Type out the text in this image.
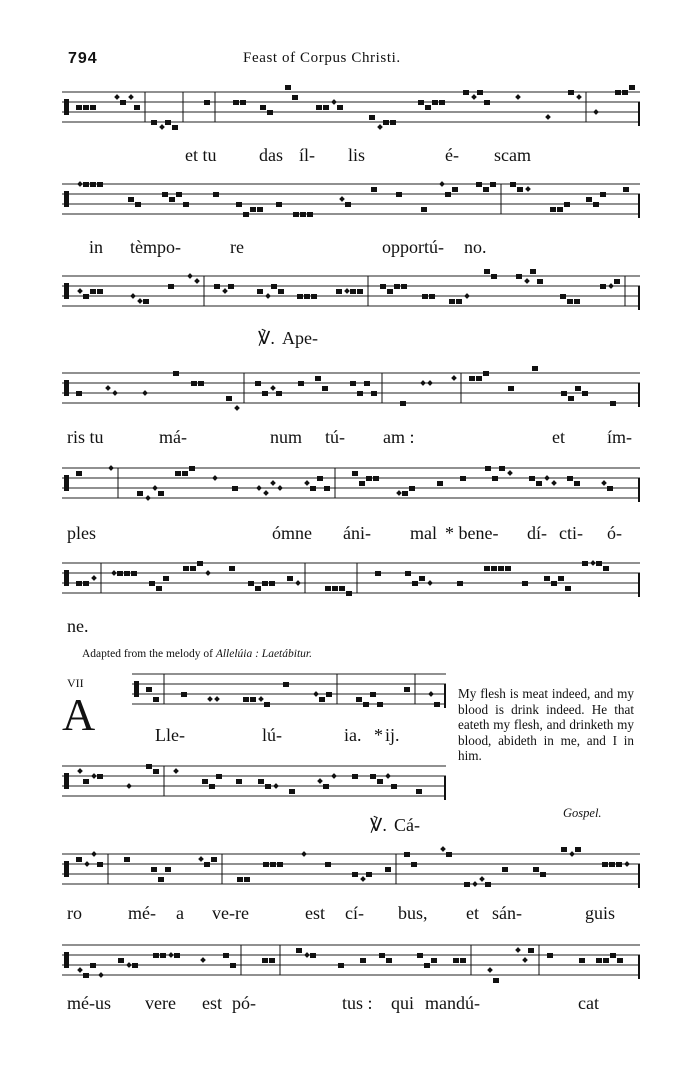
794	Feast of Corpus Christi.
et tu das íl- lis	é- scam
in tèmpo-	re	opportú- no.
℣. Ape-
ris tu	má-	num tú- am :	et ím-
ples	ómne áni- mal * bene- dí- cti- ó-
ne.
Lle-	lú-	ia. * ij.
℣. Cá-
ro	mé- a ve-re	est cí- bus, et sán-	guis
mé-us vere est pó-	tus : qui mandú-	cat
Adapted from the melody of Allelúia : Laetábitur.
VII
A	My flesh is meat indeed, and my blood is drink indeed. He that eateth my flesh, and drinketh my blood, abideth in me, and I in him.
Gospel.
